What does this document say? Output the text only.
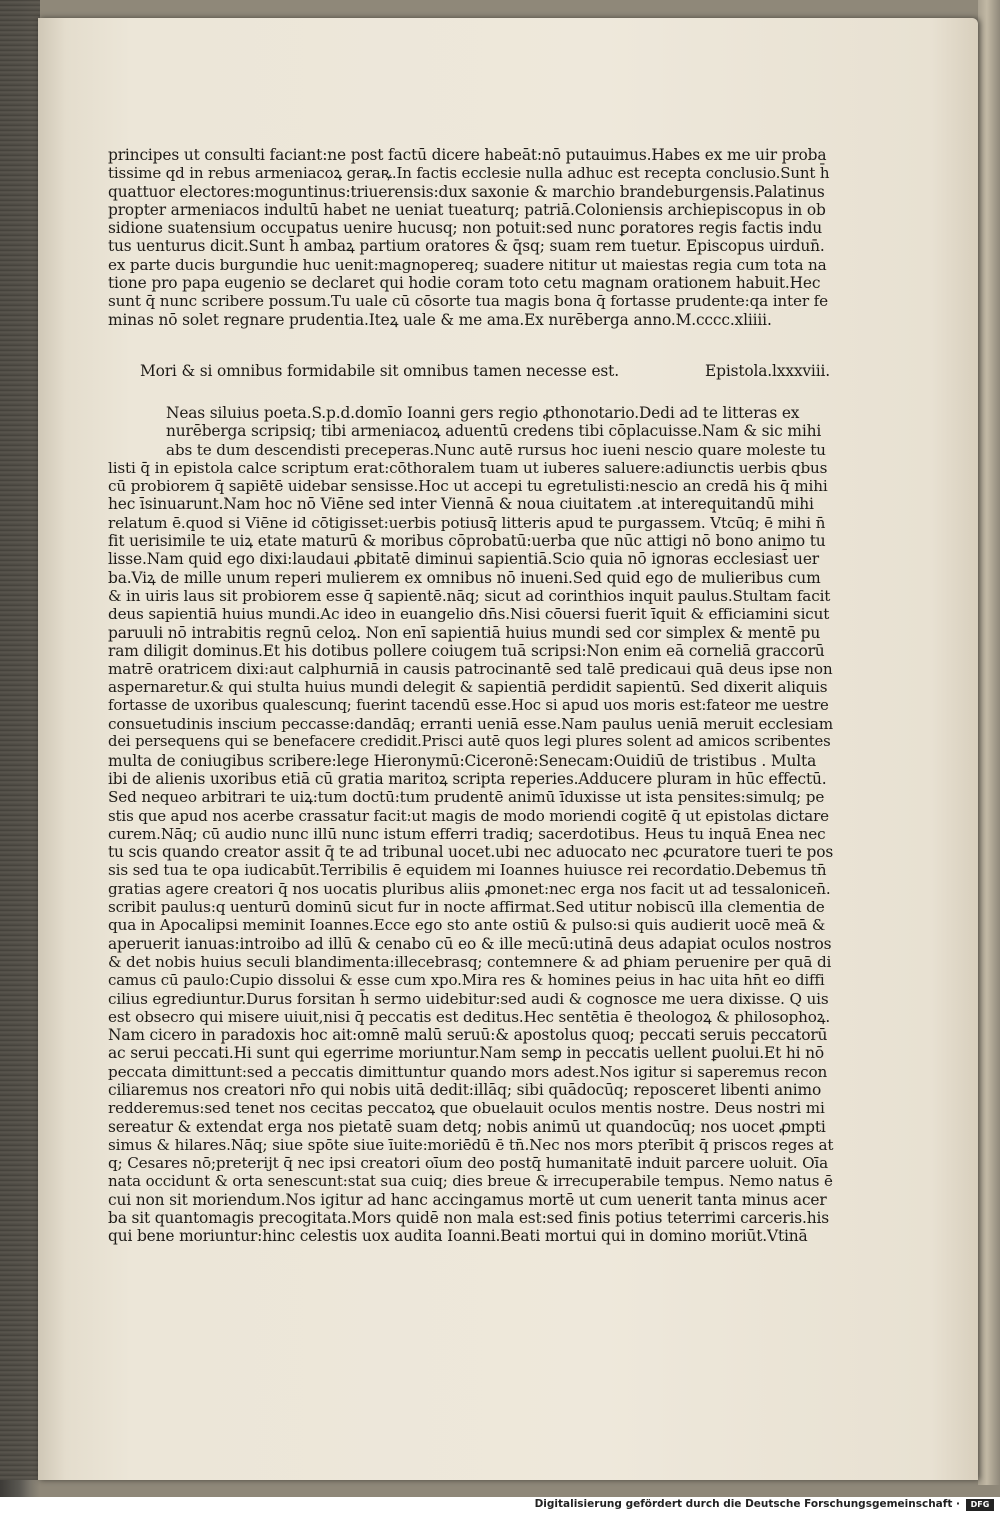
principes ut consulti faciant:ne post factū dicere habeāt:nō putauimus.Habes ex me uir proba
tissime qd in rebus armeniacoꝝ geraꝶ.In factis ecclesie nulla adhuc est recepta conclusio.Sunt h̄
quattuor electores:moguntinus:triuerensis:dux saxonie & marchio brandeburgensis.Palatinus
propter armeniacos indultū habet ne ueniat tueaturq; patriā.Coloniensis archiepiscopus in ob
sidione suatensium occupatus uenire hucusq; non potuit:sed nunc ꝑoratores regis factis indu
tus uenturus dicit.Sunt h̄ ambaꝝ partium oratores & q̄sq; suam rem tuetur. Episcopus uirdun̄.
ex parte ducis burgundie huc uenit:magnopereq; suadere nititur ut maiestas regia cum tota na
tione pro papa eugenio se declaret qui hodie coram toto cetu magnam orationem habuit.Hec
sunt q̄ nunc scribere possum.Tu uale cū cōsorte tua magis bona q̄ fortasse prudente:qa inter fe
minas nō solet regnare prudentia.Iteꝝ uale & me ama.Ex nurēberga anno.M.cccc.xliiii.
Mori & si omnibus formidabile sit omnibus tamen necesse est.	Epistola.lxxxviii.
Neas siluius poeta.S.p.d.domīo Ioanni gers regio ꝓthonotario.Dedi ad te litteras ex
nurēberga scripsiq; tibi armeniacoꝝ aduentū credens tibi cōplacuisse.Nam & sic mihi
abs te dum descendisti preceperas.Nunc autē rursus hoc iueni nescio quare moleste tu
listi q̄ in epistola calce scriptum erat:cōthoralem tuam ut iuberes saluere:adiunctis uerbis qbus
cū probiorem q̄ sapiētē uidebar sensisse.Hoc ut accepi tu egretulisti:nescio an credā his q̄ mihi
hec īsinuarunt.Nam hoc nō Viēne sed inter Viennā & noua ciuitatem .at interequitandū mihi
relatum ē.quod si Viēne id cōtigisset:uerbis potiusq̄ litteris apud te purgassem. Vtcūq; ē mihi n̄
fit uerisimile te uiꝝ etate maturū & moribus cōprobatū:uerba que nūc attigi nō bono animo tu
lisse.Nam quid ego dixi:laudaui ꝓbitatē diminui sapientiā.Scio quia nō ignoras ecclesiast̄ uer
ba.Viꝝ de mille unum reperi mulierem ex omnibus nō inueni.Sed quid ego de mulieribus cum
& in uiris laus sit probiorem esse q̄ sapientē.nāq; sicut ad corinthios inquit paulus.Stultam facit
deus sapientiā huius mundi.Ac ideo in euangelio dn̄s.Nisi cōuersi fuerit īquit & efficiamini sicut
paruuli nō intrabitis regnū celoꝝ. Non enī sapientiā huius mundi sed cor simplex & mentē pu
ram diligit dominus.Et his dotibus pollere coiugem tuā scripsi:Non enim eā corneliā graccorū
matrē oratricem dixi:aut calphurniā in causis patrocinantē sed talē predicaui quā deus ipse non
aspernaretur.& qui stulta huius mundi delegit & sapientiā perdidit sapientū. Sed dixerit aliquis
fortasse de uxoribus qualescunq; fuerint tacendū esse.Hoc si apud uos moris est:fateor me uestre
consuetudinis inscium peccasse:dandāq; erranti ueniā esse.Nam paulus ueniā meruit ecclesiam
dei persequens qui se benefacere credidit.Prisci autē quos legi plures solent ad amicos scribentes
multa de coniugibus scribere:lege Hieronymū:Ciceronē:Senecam:Ouidiū de tristibus . Multa
ibi de alienis uxoribus etiā cū gratia maritoꝝ scripta reperies.Adducere pluram in hūc effectū.
Sed nequeo arbitrari te uiꝝ:tum doctū:tum prudentē animū īduxisse ut ista pensites:simulq; pe
stis que apud nos acerbe crassatur facit:ut magis de modo moriendi cogitē q̄ ut epistolas dictare
curem.Nāq; cū audio nunc illū nunc istum efferri tradiq; sacerdotibus. Heus tu inquā Enea nec
tu scis quando creator assit q̄ te ad tribunal uocet.ubi nec aduocato nec ꝓcuratore tueri te pos
sis sed tua te opa iudicabūt.Terribilis ē equidem mi Ioannes huiusce rei recordatio.Debemus tn̄
gratias agere creatori q̄ nos uocatis pluribus aliis ꝓmonet:nec erga nos facit ut ad tessalonicen̄.
scribit paulus:q uenturū dominū sicut fur in nocte affirmat.Sed utitur nobiscū illa clementia de
qua in Apocalipsi meminit Ioannes.Ecce ego sto ante ostiū & pulso:si quis audierit uocē meā &
aperuerit ianuas:introibo ad illū & cenabo cū eo & ille mecū:utinā deus adapiat oculos nostros
& det nobis huius seculi blandimenta:illecebrasq; contemnere & ad ꝑhiam peruenire per quā di
camus cū paulo:Cupio dissolui & esse cum xpo.Mira res & homines peius in hac uita hn̄t eo diffi
cilius egrediuntur.Durus forsitan h̄ sermo uidebitur:sed audi & cognosce me uera dixisse. Q uis
est obsecro qui misere uiuit,nisi q̄ peccatis est deditus.Hec sentētia ē theologoꝝ & philosophoꝝ.
Nam cicero in paradoxis hoc ait:omnē malū seruū:& apostolus quoq; peccati seruis peccatorū
ac serui peccati.Hi sunt qui egerrime moriuntur.Nam semꝑ in peccatis uellent ꝑuolui.Et hi nō
peccata dimittunt:sed a peccatis dimittuntur quando mors adest.Nos igitur si saperemus recon
ciliaremus nos creatori nr̄o qui nobis uitā dedit:illāq; sibi quādocūq; reposceret libenti animo
redderemus:sed tenet nos cecitas peccatoꝝ que obuelauit oculos mentis nostre. Deus nostri mi
sereatur & extendat erga nos pietatē suam detq; nobis animū ut quandocūq; nos uocet ꝓmpti
simus & hilares.Nāq; siue spōte siue īuite:moriēdū ē tn̄.Nec nos mors pterībit q̄ priscos reges at
q; Cesares nō;preterijt q̄ nec ipsi creatori oīum deo postq̄ humanitatē induit parcere uoluit. Oīa
nata occidunt & orta senescunt:stat sua cuiq; dies breue & irrecuperabile tempus. Nemo natus ē
cui non sit moriendum.Nos igitur ad hanc accingamus mortē ut cum uenerit tanta minus acer
ba sit quantomagis precogitata.Mors quidē non mala est:sed finis potius teterrimi carceris.his
qui bene moriuntur:hinc celestis uox audita Ioanni.Beati mortui qui in domino moriūt.Vtinā
Digitalisierung gefördert durch die Deutsche Forschungsgemeinschaft ·	DFG
